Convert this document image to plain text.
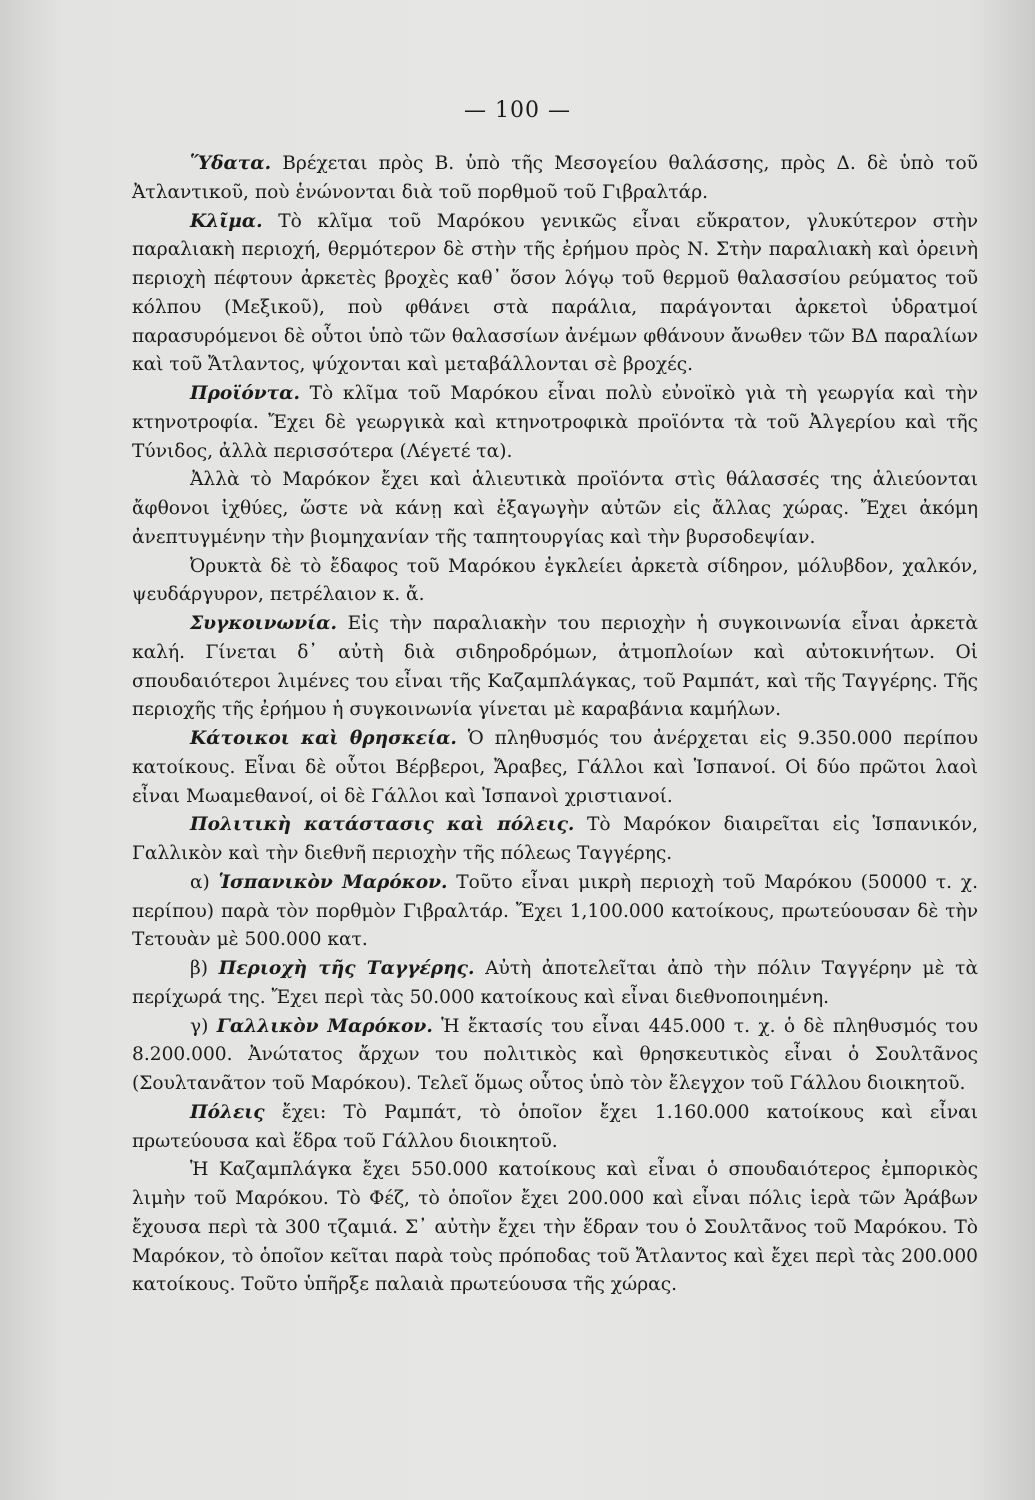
— 100 —

Ὕδατα. Βρέχεται πρὸς Β. ὑπὸ τῆς Μεσογείου θαλάσσης, πρὸς Δ. δὲ ὑπὸ τοῦ Ἀτλαντικοῦ, ποὺ ἑνώνονται διὰ τοῦ πορθμοῦ τοῦ Γιβραλτάρ.

Κλῖμα. Τὸ κλῖμα τοῦ Μαρόκου γενικῶς εἶναι εὔκρατον, γλυκύτερον στὴν παραλιακὴ περιοχή, θερμότερον δὲ στὴν τῆς ἐρήμου πρὸς Ν. Στὴν παραλιακὴ καὶ ὀρεινὴ περιοχὴ πέφτουν ἀρκετὲς βροχὲς καθ᾽ ὅσον λόγῳ τοῦ θερμοῦ θαλασσίου ρεύματος τοῦ κόλπου (Μεξικοῦ), ποὺ φθάνει στὰ παράλια, παράγονται ἀρκετοὶ ὑδρατμοί παρασυρόμενοι δὲ οὗτοι ὑπὸ τῶν θαλασσίων ἀνέμων φθάνουν ἄνωθεν τῶν ΒΔ παραλίων καὶ τοῦ Ἄτλαντος, ψύχονται καὶ μεταβάλλονται σὲ βροχές.

Προϊόντα. Τὸ κλῖμα τοῦ Μαρόκου εἶναι πολὺ εὐνοϊκὸ γιὰ τὴ γεωργία καὶ τὴν κτηνοτροφία. Ἔχει δὲ γεωργικὰ καὶ κτηνοτροφικὰ προϊόντα τὰ τοῦ Ἀλγερίου καὶ τῆς Τύνιδος, ἀλλὰ περισσότερα (Λέγετέ τα).

Ἀλλὰ τὸ Μαρόκον ἔχει καὶ ἁλιευτικὰ προϊόντα στὶς θάλασσές της ἁλιεύονται ἄφθονοι ἰχθύες, ὥστε νὰ κάνῃ καὶ ἐξαγωγὴν αὐτῶν εἰς ἄλλας χώρας. Ἔχει ἀκόμη ἀνεπτυγμένην τὴν βιομηχανίαν τῆς ταπητουργίας καὶ τὴν βυρσοδεψίαν.

Ὀρυκτὰ δὲ τὸ ἔδαφος τοῦ Μαρόκου ἐγκλείει ἀρκετὰ σίδηρον, μόλυβδον, χαλκόν, ψευδάργυρον, πετρέλαιον κ. ἄ.

Συγκοινωνία. Εἰς τὴν παραλιακὴν του περιοχὴν ἡ συγκοινωνία εἶναι ἀρκετὰ καλή. Γίνεται δ᾽ αὐτὴ διὰ σιδηροδρόμων, ἀτμοπλοίων καὶ αὐτοκινήτων. Οἱ σπουδαιότεροι λιμένες του εἶναι τῆς Καζαμπλάγκας, τοῦ Ραμπάτ, καὶ τῆς Ταγγέρης. Τῆς περιοχῆς τῆς ἐρήμου ἡ συγκοινωνία γίνεται μὲ καραβάνια καμήλων.

Κάτοικοι καὶ θρησκεία. Ὁ πληθυσμός του ἀνέρχεται εἰς 9.350.000 περίπου κατοίκους. Εἶναι δὲ οὗτοι Βέρβεροι, Ἄραβες, Γάλλοι καὶ Ἱσπανοί. Οἱ δύο πρῶτοι λαοὶ εἶναι Μωαμεθανοί, οἱ δὲ Γάλλοι καὶ Ἱσπανοὶ χριστιανοί.

Πολιτικὴ κατάστασις καὶ πόλεις. Τὸ Μαρόκον διαιρεῖται εἰς Ἱσπανικόν, Γαλλικὸν καὶ τὴν διεθνῆ περιοχὴν τῆς πόλεως Ταγγέρης.

α) Ἱσπανικὸν Μαρόκον. Τοῦτο εἶναι μικρὴ περιοχὴ τοῦ Μαρόκου (50000 τ. χ. περίπου) παρὰ τὸν πορθμὸν Γιβραλτάρ. Ἔχει 1,100.000 κατοίκους, πρωτεύουσαν δὲ τὴν Τετουὰν μὲ 500.000 κατ.

β) Περιοχὴ τῆς Ταγγέρης. Αὐτὴ ἀποτελεῖται ἀπὸ τὴν πόλιν Ταγγέρην μὲ τὰ περίχωρά της. Ἔχει περὶ τὰς 50.000 κατοίκους καὶ εἶναι διεθνοποιημένη.

γ) Γαλλικὸν Μαρόκον. Ἡ ἔκτασίς του εἶναι 445.000 τ. χ. ὁ δὲ πληθυσμός του 8.200.000. Ἀνώτατος ἄρχων του πολιτικὸς καὶ θρησκευτικὸς εἶναι ὁ Σουλτᾶνος (Σουλτανᾶτον τοῦ Μαρόκου). Τελεῖ ὅμως οὗτος ὑπὸ τὸν ἔλεγχον τοῦ Γάλλου διοικητοῦ.

Πόλεις ἔχει: Τὸ Ραμπάτ, τὸ ὁποῖον ἔχει 1.160.000 κατοίκους καὶ εἶναι πρωτεύουσα καὶ ἕδρα τοῦ Γάλλου διοικητοῦ.

Ἡ Καζαμπλάγκα ἔχει 550.000 κατοίκους καὶ εἶναι ὁ σπουδαιότερος ἐμπορικὸς λιμὴν τοῦ Μαρόκου. Τὸ Φέζ, τὸ ὁποῖον ἔχει 200.000 καὶ εἶναι πόλις ἱερὰ τῶν Ἀράβων ἔχουσα περὶ τὰ 300 τζαμιά. Σ᾽ αὐτὴν ἔχει τὴν ἕδραν του ὁ Σουλτᾶνος τοῦ Μαρόκου. Τὸ Μαρόκον, τὸ ὁποῖον κεῖται παρὰ τοὺς πρόποδας τοῦ Ἄτλαντος καὶ ἔχει περὶ τὰς 200.000 κατοίκους. Τοῦτο ὑπῆρξε παλαιὰ πρωτεύουσα τῆς χώρας.
